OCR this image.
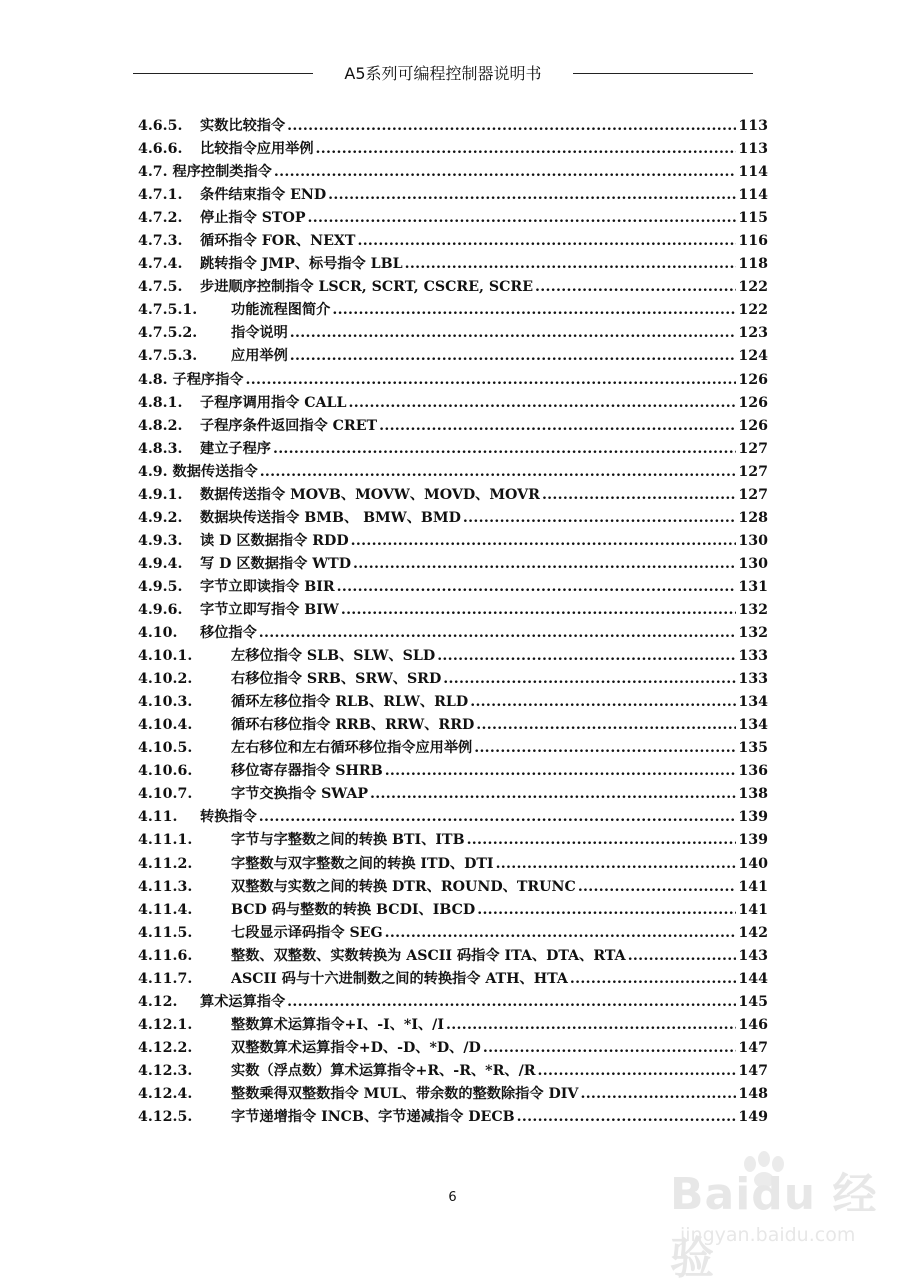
A5系列可编程控制器说明书
4.6.5. 实数比较指令 .....	113
4.6.6. 比较指令应用举例 .....	113
4.7. 程序控制类指令 .....	114
4.7.1. 条件结束指令 END .....	114
4.7.2. 停止指令 STOP .....	115
4.7.3. 循环指令 FOR、NEXT .....	116
4.7.4. 跳转指令 JMP、标号指令 LBL .....	118
4.7.5. 步进顺序控制指令 LSCR, SCRT, CSCRE, SCRE .....	122
4.7.5.1. 功能流程图简介 .....	122
4.7.5.2. 指令说明 .....	123
4.7.5.3. 应用举例 .....	124
4.8. 子程序指令 .....	126
4.8.1. 子程序调用指令 CALL .....	126
4.8.2. 子程序条件返回指令 CRET .....	126
4.8.3. 建立子程序 .....	127
4.9. 数据传送指令 .....	127
4.9.1. 数据传送指令 MOVB、MOVW、MOVD、MOVR .....	127
4.9.2. 数据块传送指令 BMB、 BMW、BMD .....	128
4.9.3. 读 D 区数据指令 RDD .....	130
4.9.4. 写 D 区数据指令 WTD .....	130
4.9.5. 字节立即读指令 BIR .....	131
4.9.6. 字节立即写指令 BIW .....	132
4.10. 移位指令 .....	132
4.10.1.	左移位指令 SLB、SLW、SLD .....	133
4.10.2.	右移位指令 SRB、SRW、SRD .....	133
4.10.3.	循环左移位指令 RLB、RLW、RLD .....	134
4.10.4.	循环右移位指令 RRB、RRW、RRD .....	134
4.10.5.	左右移位和左右循环移位指令应用举例 .....	135
4.10.6.	移位寄存器指令 SHRB .....	136
4.10.7.	字节交换指令 SWAP .....	138
4.11. 转换指令 .....	139
4.11.1.	字节与字整数之间的转换 BTI、ITB .....	139
4.11.2.	字整数与双字整数之间的转换 ITD、DTI .....	140
4.11.3.	双整数与实数之间的转换 DTR、ROUND、TRUNC .....	141
4.11.4.	BCD 码与整数的转换 BCDI、IBCD .....	141
4.11.5.	七段显示译码指令 SEG .....	142
4.11.6.	整数、双整数、实数转换为 ASCII 码指令 ITA、DTA、RTA .....	143
4.11.7.	ASCII 码与十六进制数之间的转换指令 ATH、HTA .....	144
4.12. 算术运算指令 .....	145
4.12.1.	整数算术运算指令+I、-I、*I、/I .....	146
4.12.2.	双整数算术运算指令+D、-D、*D、/D .....	147
4.12.3.	实数（浮点数）算术运算指令+R、-R、*R、/R .....	147
4.12.4.	整数乘得双整数指令 MUL、带余数的整数除指令 DIV .....	148
4.12.5.	字节递增指令 INCB、字节递减指令 DECB .....	149
6	Baidu 经验
jingyan.baidu.com
